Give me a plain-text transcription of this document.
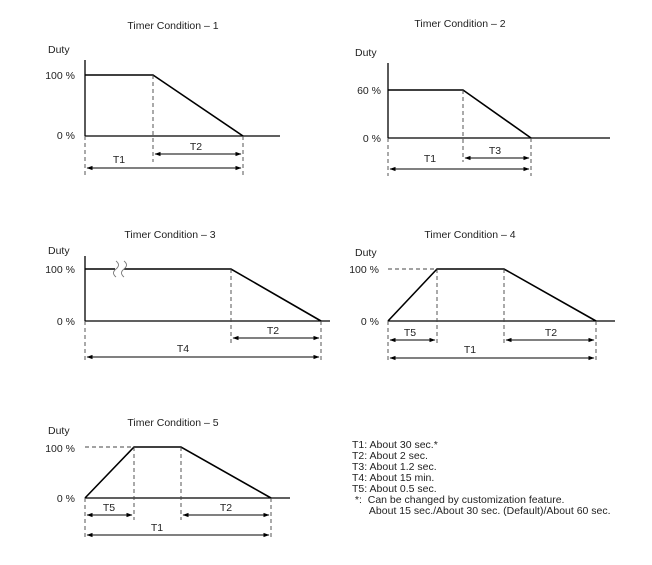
Timer Condition – 1
Duty
100 %
0 %
T2
T1
Timer Condition – 2
Duty
60 %
0 %
T3
T1
Timer Condition – 3
Duty
100 %
0 %
T2
T4
Timer Condition – 4
Duty
100 %
0 %
T5	T2
T1
Timer Condition – 5
Duty
100 %
0 %
T5	T2
T1
T1: About 30 sec.*
T2: About 2 sec.
T3: About 1.2 sec.
T4: About 15 min.
T5: About 0.5 sec.
*:  Can be changed by customization feature.
About 15 sec./About 30 sec. (Default)/About 60 sec.
